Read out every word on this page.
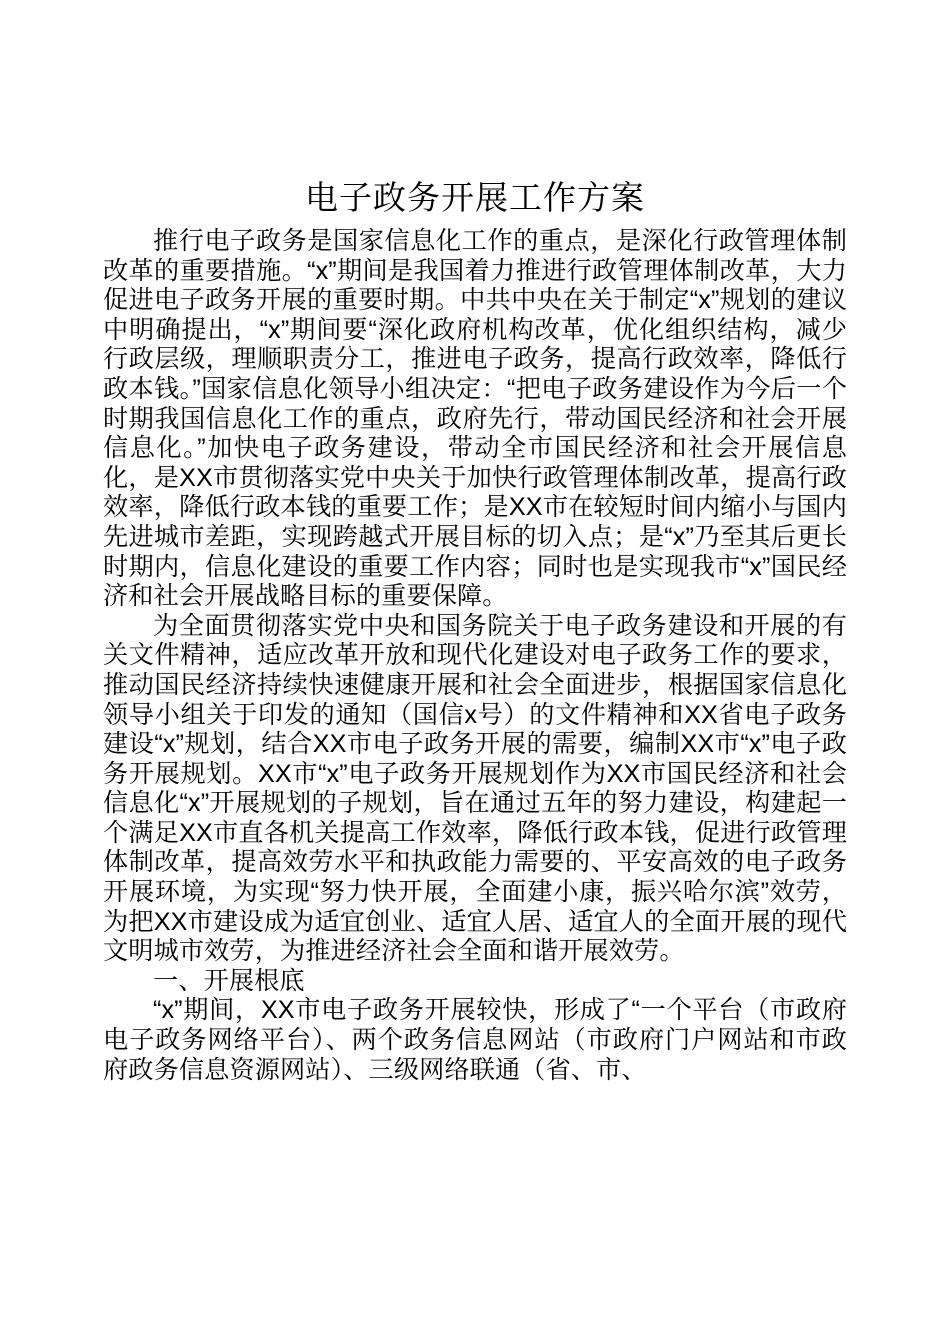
电子政务开展工作方案

推行电子政务是国家信息化工作的重点，是深化行政管理体制改革的重要措施。“x”期间是我国着力推进行政管理体制改革，大力促进电子政务开展的重要时期。中共中央在关于制定“x”规划的建议中明确提出，“x”期间要“深化政府机构改革，优化组织结构，减少行政层级，理顺职责分工，推进电子政务，提高行政效率，降低行政本钱。”国家信息化领导小组决定：“把电子政务建设作为今后一个时期我国信息化工作的重点，政府先行，带动国民经济和社会开展信息化。”加快电子政务建设，带动全市国民经济和社会开展信息化，是XX市贯彻落实党中央关于加快行政管理体制改革，提高行政效率，降低行政本钱的重要工作；是XX市在较短时间内缩小与国内先进城市差距，实现跨越式开展目标的切入点；是“x”乃至其后更长时期内，信息化建设的重要工作内容；同时也是实现我市“x”国民经济和社会开展战略目标的重要保障。

为全面贯彻落实党中央和国务院关于电子政务建设和开展的有关文件精神，适应改革开放和现代化建设对电子政务工作的要求，推动国民经济持续快速健康开展和社会全面进步，根据国家信息化领导小组关于印发的通知（国信x号）的文件精神和XX省电子政务建设“x”规划，结合XX市电子政务开展的需要，编制XX市“x”电子政务开展规划。XX市“x”电子政务开展规划作为XX市国民经济和社会信息化“x”开展规划的子规划，旨在通过五年的努力建设，构建起一个满足XX市直各机关提高工作效率，降低行政本钱，促进行政管理体制改革，提高效劳水平和执政能力需要的、平安高效的电子政务开展环境，为实现“努力快开展，全面建小康，振兴哈尔滨”效劳，为把XX市建设成为适宜创业、适宜人居、适宜人的全面开展的现代文明城市效劳，为推进经济社会全面和谐开展效劳。

一、开展根底

“x”期间，XX市电子政务开展较快，形成了“一个平台（市政府电子政务网络平台）、两个政务信息网站（市政府门户网站和市政府政务信息资源网站）、三级网络联通（省、市、
